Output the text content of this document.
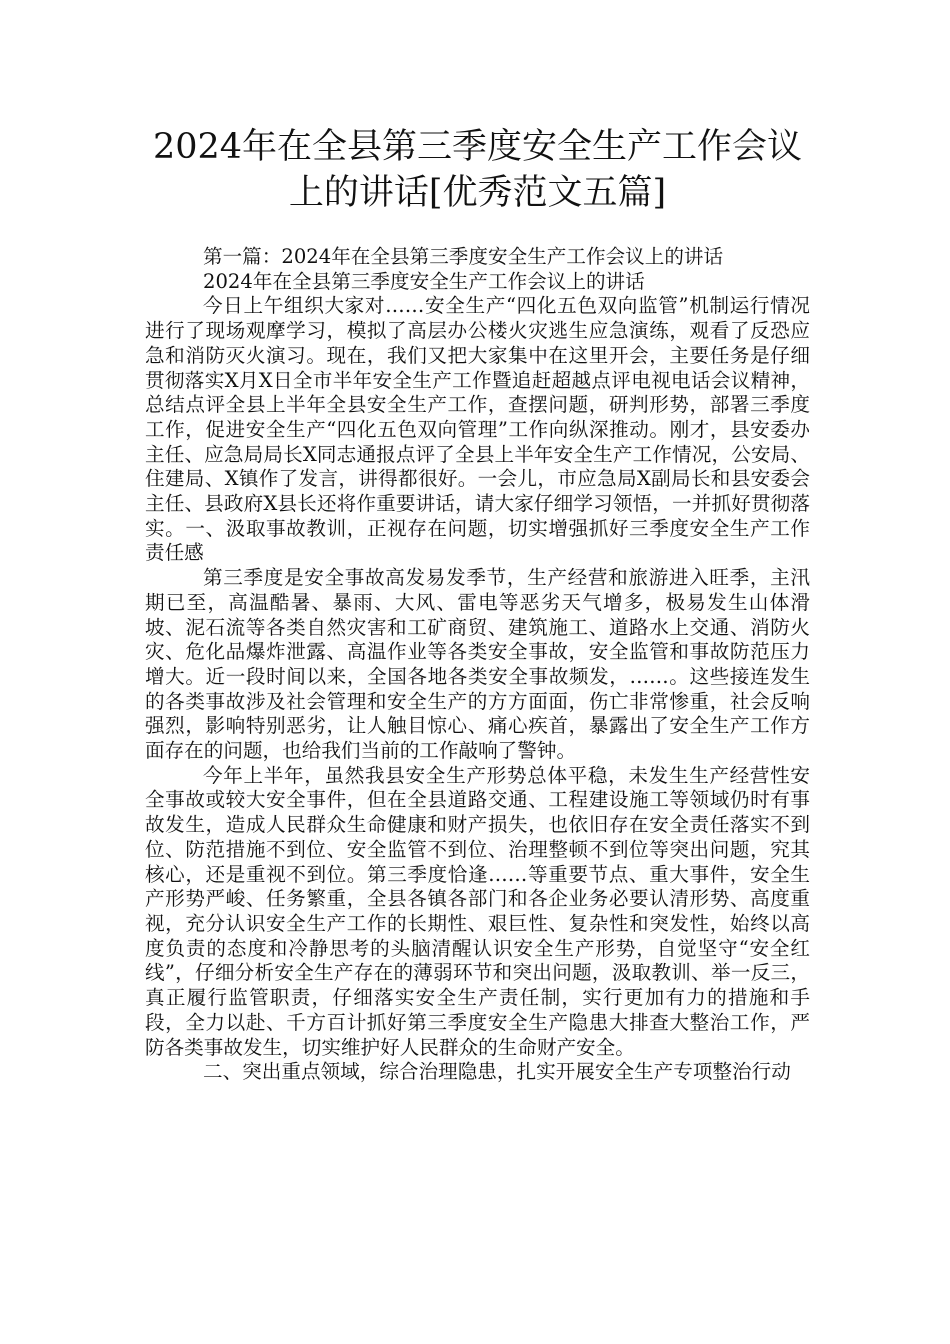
2024年在全县第三季度安全生产工作会议
上的讲话[优秀范文五篇]

第一篇：2024年在全县第三季度安全生产工作会议上的讲话

2024年在全县第三季度安全生产工作会议上的讲话

今日上午组织大家对……安全生产“四化五色双向监管”机制运行情况进行了现场观摩学习，模拟了高层办公楼火灾逃生应急演练，观看了反恐应急和消防灭火演习。现在，我们又把大家集中在这里开会，主要任务是仔细贯彻落实X月X日全市半年安全生产工作暨追赶超越点评电视电话会议精神，总结点评全县上半年全县安全生产工作，查摆问题，研判形势，部署三季度工作，促进安全生产“四化五色双向管理”工作向纵深推动。刚才，县安委办主任、应急局局长X同志通报点评了全县上半年安全生产工作情况，公安局、住建局、X镇作了发言，讲得都很好。一会儿，市应急局X副局长和县安委会主任、县政府X县长还将作重要讲话，请大家仔细学习领悟，一并抓好贯彻落实。一、汲取事故教训，正视存在问题，切实增强抓好三季度安全生产工作责任感

第三季度是安全事故高发易发季节，生产经营和旅游进入旺季，主汛期已至，高温酷暑、暴雨、大风、雷电等恶劣天气增多，极易发生山体滑坡、泥石流等各类自然灾害和工矿商贸、建筑施工、道路水上交通、消防火灾、危化品爆炸泄露、高温作业等各类安全事故，安全监管和事故防范压力增大。近一段时间以来，全国各地各类安全事故频发，……。这些接连发生的各类事故涉及社会管理和安全生产的方方面面，伤亡非常惨重，社会反响强烈，影响特别恶劣，让人触目惊心、痛心疾首，暴露出了安全生产工作方面存在的问题，也给我们当前的工作敲响了警钟。

今年上半年，虽然我县安全生产形势总体平稳，未发生生产经营性安全事故或较大安全事件，但在全县道路交通、工程建设施工等领域仍时有事故发生，造成人民群众生命健康和财产损失，也依旧存在安全责任落实不到位、防范措施不到位、安全监管不到位、治理整顿不到位等突出问题，究其核心，还是重视不到位。第三季度恰逢……等重要节点、重大事件，安全生产形势严峻、任务繁重，全县各镇各部门和各企业务必要认清形势、高度重视，充分认识安全生产工作的长期性、艰巨性、复杂性和突发性，始终以高度负责的态度和冷静思考的头脑清醒认识安全生产形势，自觉坚守“安全红线”，仔细分析安全生产存在的薄弱环节和突出问题，汲取教训、举一反三，真正履行监管职责，仔细落实安全生产责任制，实行更加有力的措施和手段，全力以赴、千方百计抓好第三季度安全生产隐患大排查大整治工作，严防各类事故发生，切实维护好人民群众的生命财产安全。

二、突出重点领域，综合治理隐患，扎实开展安全生产专项整治行动
